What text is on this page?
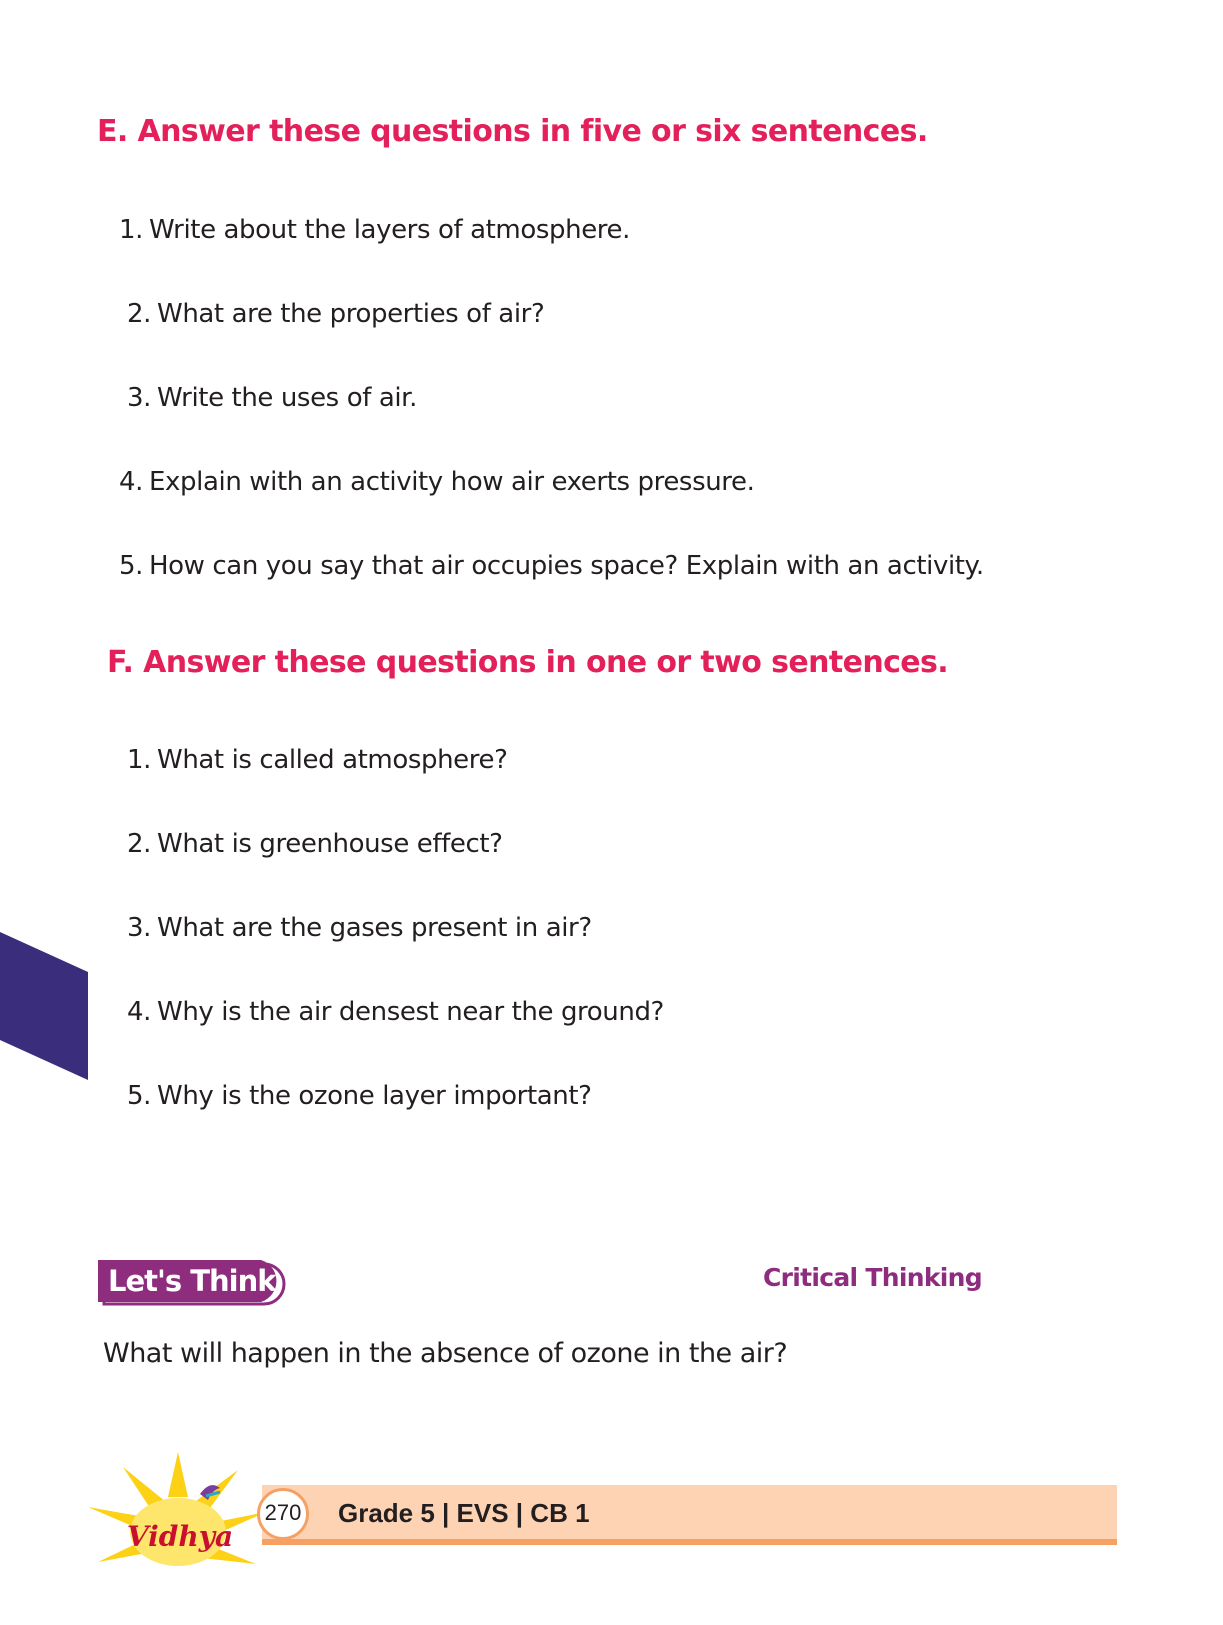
E. Answer these questions in five or six sentences.
1. Write about the layers of atmosphere.
2. What are the properties of air?
3. Write the uses of air.
4. Explain with an activity how air exerts pressure.
5. How can you say that air occupies space? Explain with an activity.
F. Answer these questions in one or two sentences.
1. What is called atmosphere?
2. What is greenhouse effect?
3. What are the gases present in air?
4. Why is the air densest near the ground?
5. Why is the ozone layer important?
Let's Think	Critical Thinking
What will happen in the absence of ozone in the air?
Vidhya
270 Grade 5 | EVS | CB 1
